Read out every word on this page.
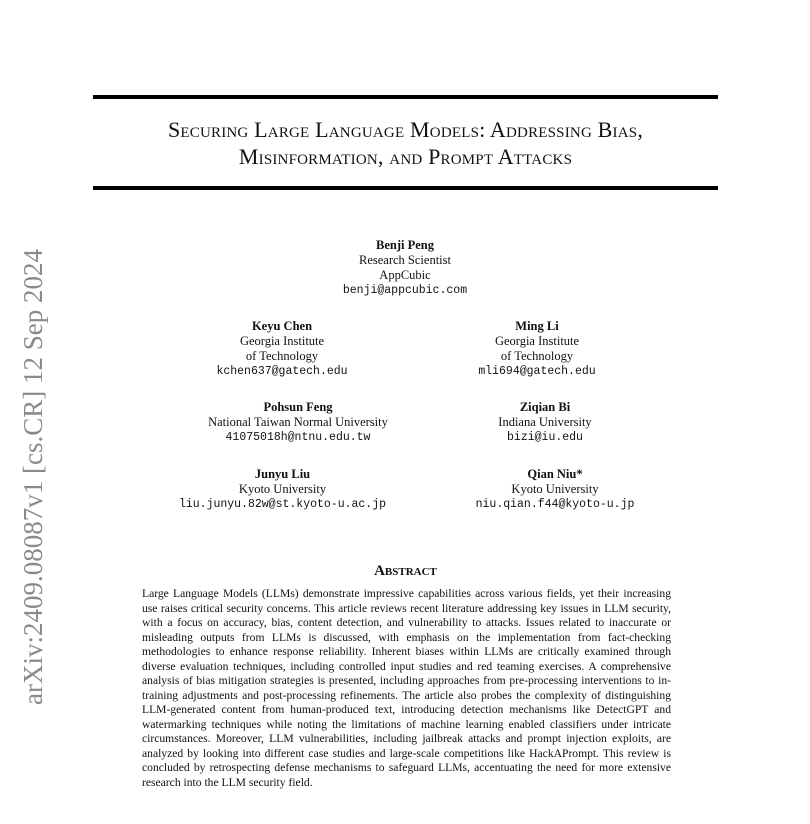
arXiv:2409.08087v1 [cs.CR] 12 Sep 2024
Securing Large Language Models: Addressing Bias,
Misinformation, and Prompt Attacks
Benji Peng
Research Scientist
AppCubic
benji@appcubic.com
Keyu Chen
Georgia Institute
of Technology
kchen637@gatech.edu
Ming Li
Georgia Institute
of Technology
mli694@gatech.edu
Pohsun Feng
National Taiwan Normal University
41075018h@ntnu.edu.tw
Ziqian Bi
Indiana University
bizi@iu.edu
Junyu Liu
Kyoto University
liu.junyu.82w@st.kyoto-u.ac.jp
Qian Niu*
Kyoto University
niu.qian.f44@kyoto-u.jp
Abstract
Large Language Models (LLMs) demonstrate impressive capabilities across various fields, yet their increasing use raises critical security concerns. This article reviews recent literature addressing key issues in LLM security, with a focus on accuracy, bias, content detection, and vulnerability to attacks. Issues related to inaccurate or misleading outputs from LLMs is discussed, with emphasis on the implementation from fact-checking methodologies to enhance response reliability. Inherent biases within LLMs are critically examined through diverse evaluation techniques, including controlled input studies and red teaming exercises. A comprehensive analysis of bias mitigation strategies is presented, including approaches from pre-processing interventions to in-training adjustments and post-processing refinements. The article also probes the complexity of distinguishing LLM-generated content from human-produced text, introducing detection mechanisms like DetectGPT and watermarking techniques while noting the limitations of machine learning enabled classifiers under intricate circumstances. Moreover, LLM vulnerabilities, including jailbreak attacks and prompt injection exploits, are analyzed by looking into different case studies and large-scale competitions like HackAPrompt. This review is concluded by retrospecting defense mechanisms to safeguard LLMs, accentuating the need for more extensive research into the LLM security field.
